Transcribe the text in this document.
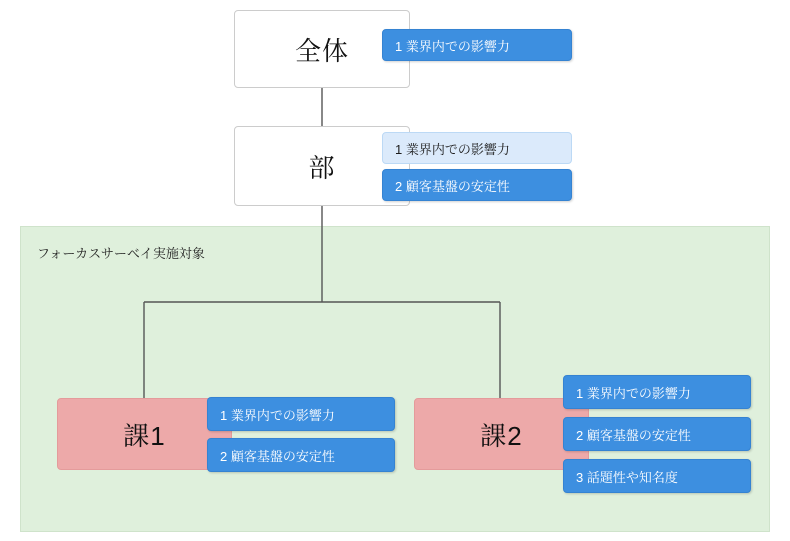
フォーカスサーベイ実施対象
全体	1 業界内での影響力
部
1 業界内での影響力
2 顧客基盤の安定性
課1
1 業界内での影響力
2 顧客基盤の安定性
課2
1 業界内での影響力
2 顧客基盤の安定性
3 話題性や知名度
